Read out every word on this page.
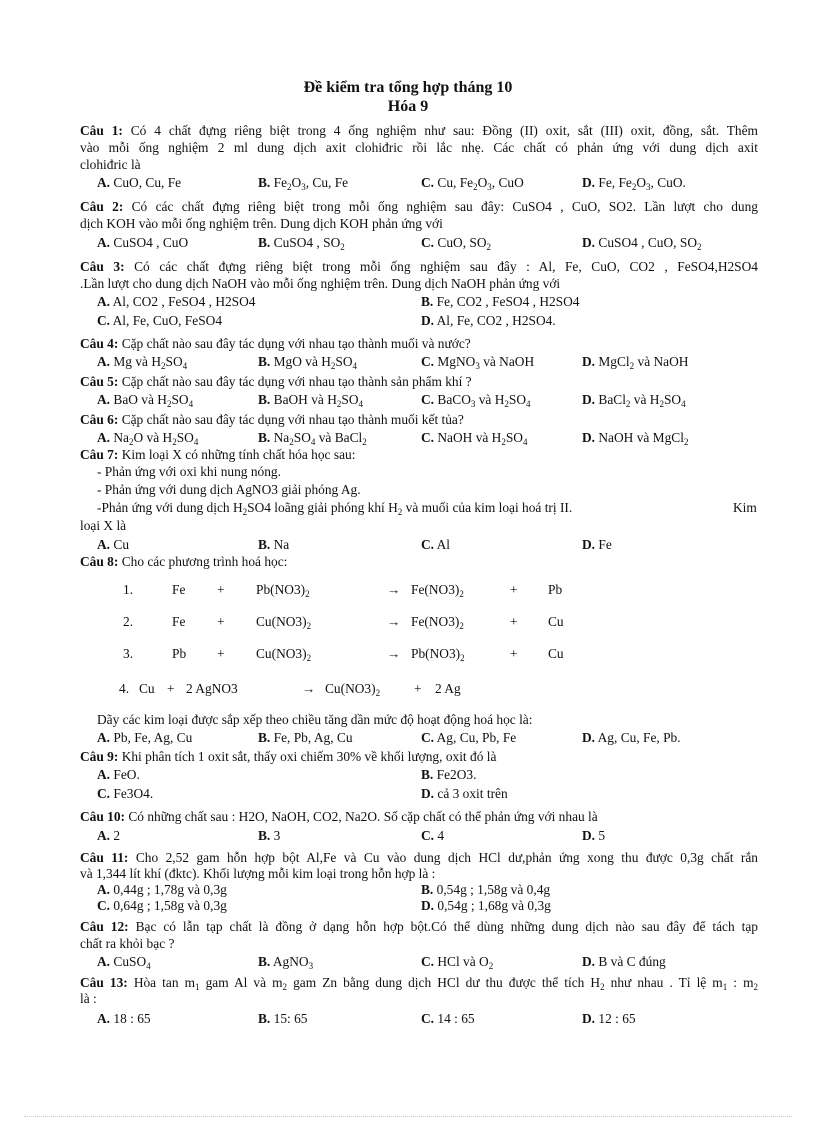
Đề kiểm tra tổng hợp tháng 10
Hóa 9
Câu 1: Có 4 chất đựng riêng biệt trong 4 ống nghiệm như sau: Đồng (II) oxit, sắt (III) oxit, đồng, sắt. Thêm
vào mỗi ống nghiệm 2 ml dung dịch axit clohiđric rồi lắc nhẹ. Các chất có phản ứng với dung dịch axit
clohiđric là
A. CuO, Cu, Fe	B. $Fe_2O_3$, Cu, Fe	C. Cu, $Fe_2O_3$, CuO	D. Fe, $Fe_2O_3$, CuO.
Câu 2: Có các chất đựng riêng biệt trong mỗi ống nghiệm sau đây: CuSO4 , CuO, SO2. Lần lượt cho dung
dịch KOH vào mỗi ống nghiệm trên. Dung dịch KOH phản ứng với
A. CuSO4 , CuO	B. CuSO4 , $SO_2$	C. CuO, $SO_2$	D. CuSO4 , CuO, $SO_2$
Câu 3: Có các chất đựng riêng biệt trong mỗi ống nghiệm sau đây : Al, Fe, CuO, CO2 , FeSO4,H2SO4
.Lần lượt cho dung dịch NaOH vào mỗi ống nghiệm trên. Dung dịch NaOH phản ứng với
A. Al, CO2 , FeSO4 , H2SO4	B. Fe, CO2 , FeSO4 , H2SO4
C. Al, Fe, CuO, FeSO4	D. Al, Fe, CO2 , H2SO4.
Câu 4: Cặp chất nào sau đây tác dụng với nhau tạo thành muối và nước?
A. Mg và $H_2SO_4$	B. MgO và $H_2SO_4$	C. MgNO$_3$ và NaOH	D. MgCl$_2$ và NaOH
Câu 5: Cặp chất nào sau đây tác dụng với nhau tạo thành sản phẩm khí ?
A. BaO và $H_2SO_4$	B. BaOH và $H_2SO_4$	C. BaCO$_3$ và $H_2SO_4$	D. BaCl$_2$ và $H_2SO_4$
Câu 6: Cặp chất nào sau đây tác dụng với nhau tạo thành muối kết tủa?
A. $Na_2O$ và $H_2SO_4$	B. $Na_2SO_4$ và BaCl$_2$	C. NaOH và $H_2SO_4$	D. NaOH và MgCl$_2$
Câu 7: Kim loại X có những tính chất hóa học sau:
- Phản ứng với oxi khi nung nóng.
- Phản ứng với dung dịch AgNO3 giải phóng Ag.
-Phản ứng với dung dịch $H_2SO4$ loãng giải phóng khí $H_2$ và muối của kim loại hoá trị II.	Kim
loại X là
A. Cu	B. Na	C. Al	D. Fe
Câu 8: Cho các phương trình hoá học:
1.	$Fe + Pb(NO3)_2$	→ $Fe(NO3)_2$	+ Pb
2.	$Fe + Cu(NO3)_2$	→ $Fe(NO3)_2$	+ Cu
3.	$Pb + Cu(NO3)_2$	→ $Pb(NO3)_2$	+ Cu
4. Cu + 2 AgNO3	→ $Cu(NO3)_2$	+ 2 Ag
Dãy các kim loại được sắp xếp theo chiều tăng dần mức độ hoạt động hoá học là:
A. Pb, Fe, Ag, Cu	B. Fe, Pb, Ag, Cu	C. Ag, Cu, Pb, Fe	D. Ag, Cu, Fe, Pb.
Câu 9: Khi phân tích 1 oxit sắt, thấy oxi chiếm 30% về khối lượng, oxit đó là
A. FeO.	B. Fe2O3.
C. Fe3O4.	D. cả 3 oxit trên
Câu 10: Có những chất sau : H2O, NaOH, CO2, Na2O. Số cặp chất có thể phản ứng với nhau là
A. 2	B. 3	C. 4	D. 5
Câu 11: Cho 2,52 gam hỗn hợp bột Al,Fe và Cu vào dung dịch HCl dư,phản ứng xong thu được 0,3g chất rắn
và 1,344 lít khí (đktc). Khối lượng mỗi kim loại trong hỗn hợp là :
A. 0,44g ; 1,78g và 0,3g	B. 0,54g ; 1,58g và 0,4g
C. 0,64g ; 1,58g và 0,3g	D. 0,54g ; 1,68g và 0,3g
Câu 12: Bạc có lẫn tạp chất là đồng ở dạng hỗn hợp bột.Có thể dùng những dung dịch nào sau đây để tách tạp
chất ra khỏi bạc ?
A. CuSO$_4$	B. AgNO$_3$	C. HCl và $O_2$	D. B và C đúng
Câu 13: Hòa $\tan m_1$ gam Al và $m_2$ gam Zn bằng dung dịch HCl dư thu được thể tích $H_2$ như nhau . Tỉ lệ $m_1$ : $m_2$
là :
A. 18 : 65	B. 15: 65	C. 14 : 65	D. 12 : 65
